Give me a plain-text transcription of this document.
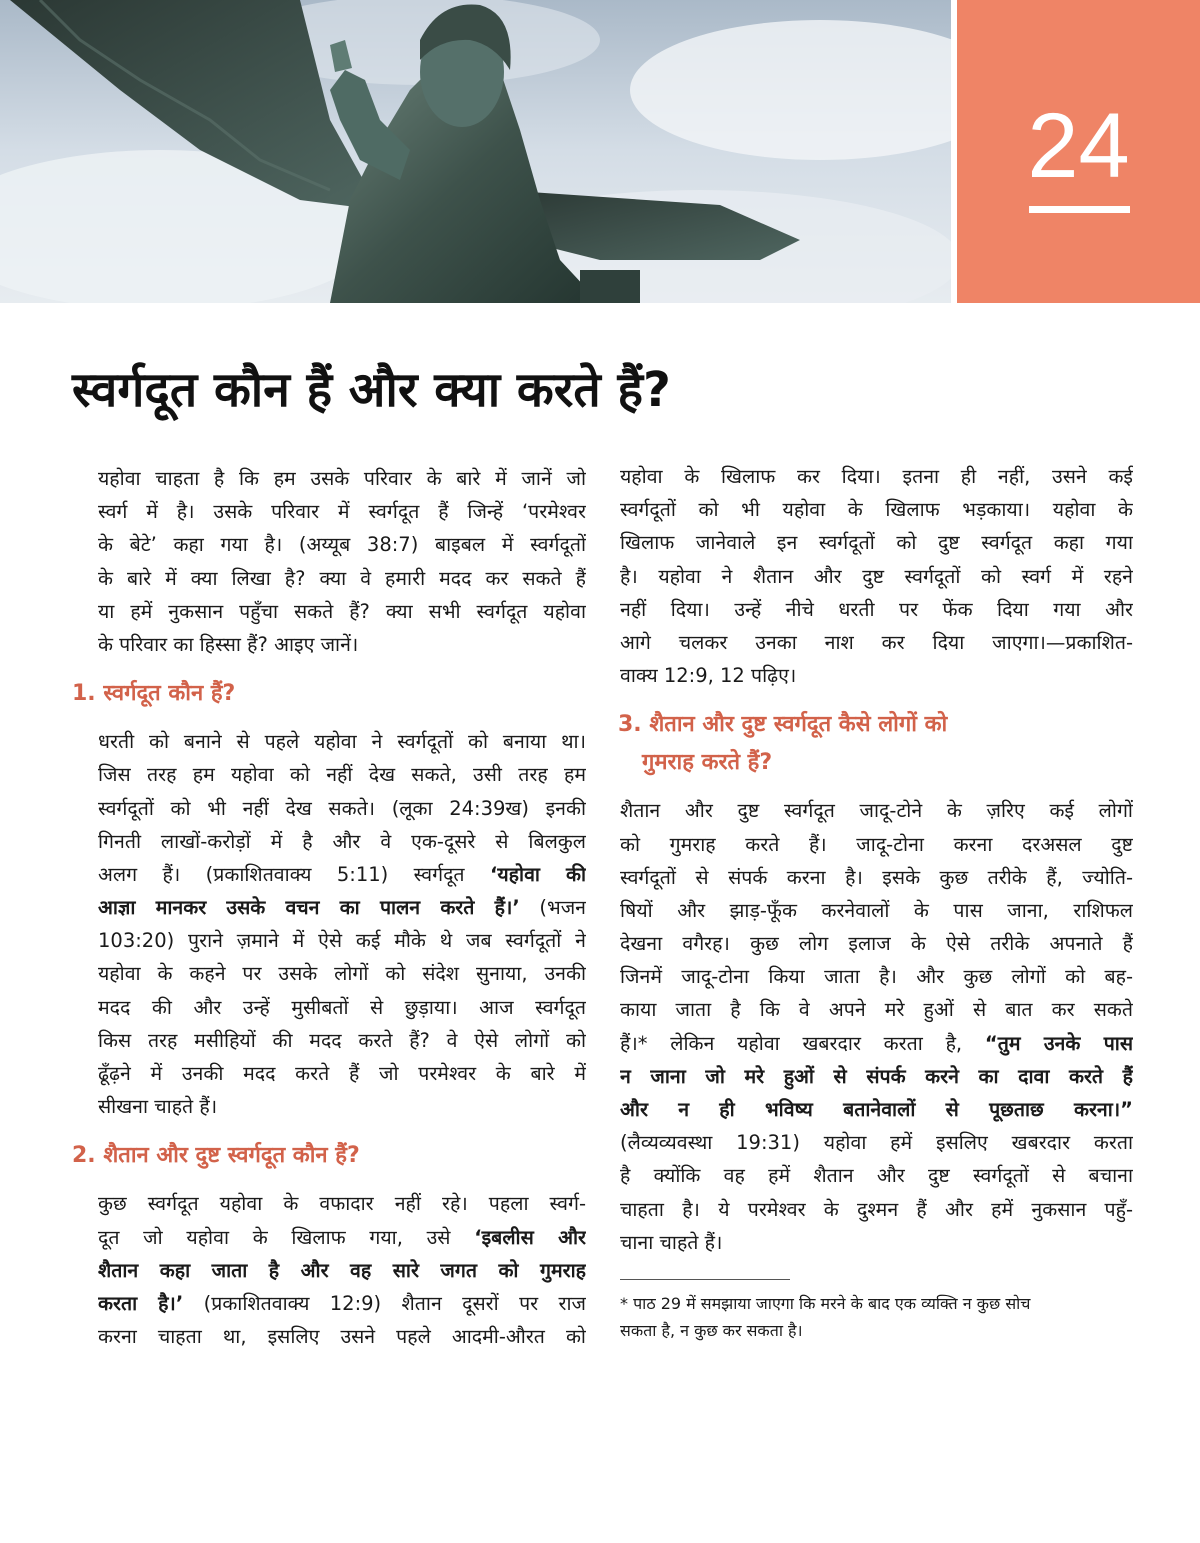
24
स्वर्गदूत कौन हैं और क्या करते हैं?
यहोवा चाहता है कि हम उसके परिवार के बारे में जानें जो
स्वर्ग में है। उसके परिवार में स्वर्गदूत हैं जिन्हें ‘परमेश्वर
के बेटे’ कहा गया है। (अय्यूब 38:7) बाइबल में स्वर्गदूतों
के बारे में क्या लिखा है? क्या वे हमारी मदद कर सकते हैं
या हमें नुकसान पहुँचा सकते हैं? क्या सभी स्वर्गदूत यहोवा
के परिवार का हिस्सा हैं? आइए जानें।
1. स्वर्गदूत कौन हैं?
धरती को बनाने से पहले यहोवा ने स्वर्गदूतों को बनाया था।
जिस तरह हम यहोवा को नहीं देख सकते, उसी तरह हम
स्वर्गदूतों को भी नहीं देख सकते। (लूका 24:39ख) इनकी
गिनती लाखों-करोड़ों में है और वे एक-दूसरे से बिलकुल
अलग हैं। (प्रकाशितवाक्य 5:11) स्वर्गदूत ‘यहोवा की
आज्ञा मानकर उसके वचन का पालन करते हैं।’ (भजन
103:20) पुराने ज़माने में ऐसे कई मौके थे जब स्वर्गदूतों ने
यहोवा के कहने पर उसके लोगों को संदेश सुनाया, उनकी
मदद की और उन्हें मुसीबतों से छुड़ाया। आज स्वर्गदूत
किस तरह मसीहियों की मदद करते हैं? वे ऐसे लोगों को
ढूँढ़ने में उनकी मदद करते हैं जो परमेश्वर के बारे में
सीखना चाहते हैं।
2. शैतान और दुष्ट स्वर्गदूत कौन हैं?
कुछ स्वर्गदूत यहोवा के वफादार नहीं रहे। पहला स्वर्ग-
दूत जो यहोवा के खिलाफ गया, उसे ‘इबलीस और
शैतान कहा जाता है और वह सारे जगत को गुमराह
करता है।’ (प्रकाशितवाक्य 12:9) शैतान दूसरों पर राज
करना चाहता था, इसलिए उसने पहले आदमी-औरत को
यहोवा के खिलाफ कर दिया। इतना ही नहीं, उसने कई
स्वर्गदूतों को भी यहोवा के खिलाफ भड़काया। यहोवा के
खिलाफ जानेवाले इन स्वर्गदूतों को दुष्ट स्वर्गदूत कहा गया
है। यहोवा ने शैतान और दुष्ट स्वर्गदूतों को स्वर्ग में रहने
नहीं दिया। उन्हें नीचे धरती पर फेंक दिया गया और
आगे चलकर उनका नाश कर दिया जाएगा।—प्रकाशित-
वाक्य 12:9, 12 पढ़िए।
3. शैतान और दुष्ट स्वर्गदूत कैसे लोगों को
गुमराह करते हैं?
शैतान और दुष्ट स्वर्गदूत जादू-टोने के ज़रिए कई लोगों
को गुमराह करते हैं। जादू-टोना करना दरअसल दुष्ट
स्वर्गदूतों से संपर्क करना है। इसके कुछ तरीके हैं, ज्योति-
षियों और झाड़-फूँक करनेवालों के पास जाना, राशिफल
देखना वगैरह। कुछ लोग इलाज के ऐसे तरीके अपनाते हैं
जिनमें जादू-टोना किया जाता है। और कुछ लोगों को बह-
काया जाता है कि वे अपने मरे हुओं से बात कर सकते
हैं।* लेकिन यहोवा खबरदार करता है, “तुम उनके पास
न जाना जो मरे हुओं से संपर्क करने का दावा करते हैं
और न ही भविष्य बतानेवालों से पूछताछ करना।”
(लैव्यव्यवस्था 19:31) यहोवा हमें इसलिए खबरदार करता
है क्योंकि वह हमें शैतान और दुष्ट स्वर्गदूतों से बचाना
चाहता है। ये परमेश्वर के दुश्मन हैं और हमें नुकसान पहुँ-
चाना चाहते हैं।
* पाठ 29 में समझाया जाएगा कि मरने के बाद एक व्यक्ति न कुछ सोच
सकता है, न कुछ कर सकता है।
